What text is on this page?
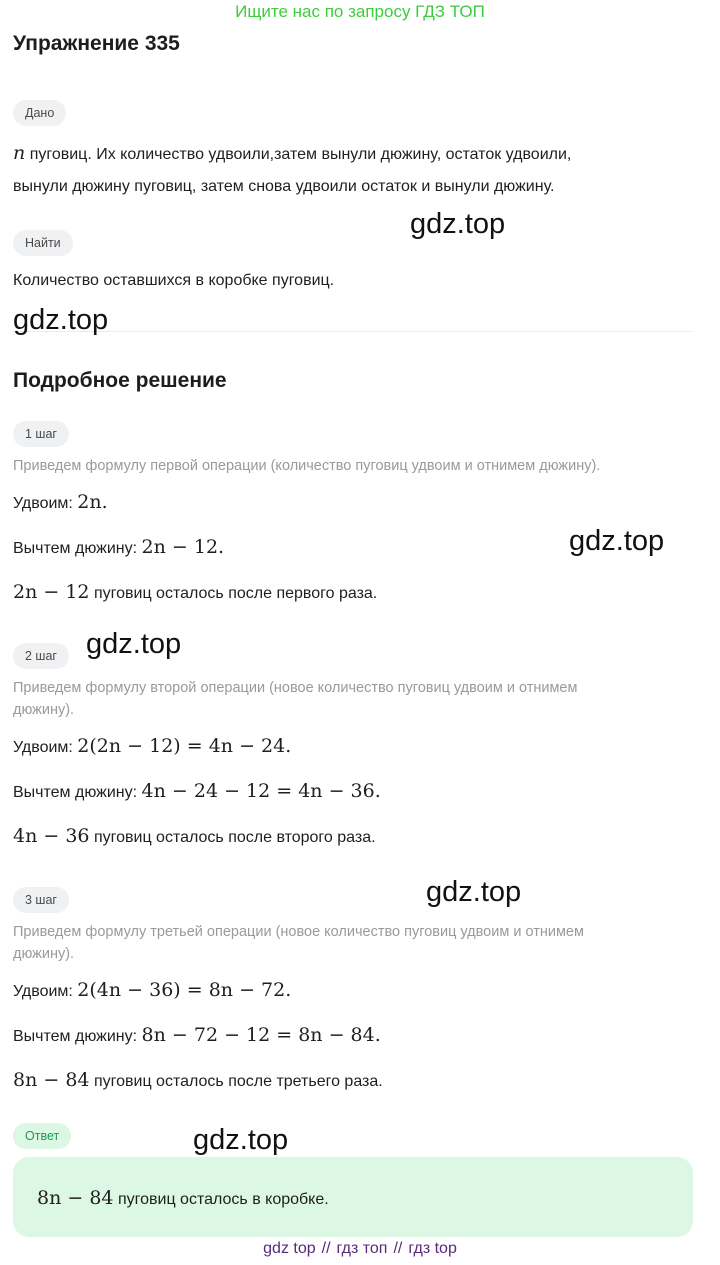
Ищите нас по запросу ГДЗ ТОП
Упражнение 335
Дано
n пуговиц. Их количество удвоили,затем вынули дюжину, остаток удвоили,
вынули дюжину пуговиц, затем снова удвоили остаток и вынули дюжину.
Найти
Количество оставшихся в коробке пуговиц.
Подробное решение
1 шаг
Приведем формулу первой операции (количество пуговиц удвоим и отнимем дюжину).
Удвоим: 2n.
Вычтем дюжину: 2n − 12.
2n − 12 пуговиц осталось после первого раза.
2 шаг
Приведем формулу второй операции (новое количество пуговиц удвоим и отнимем
дюжину).
Удвоим: 2(2n − 12) = 4n − 24.
Вычтем дюжину: 4n − 24 − 12 = 4n − 36.
4n − 36 пуговиц осталось после второго раза.
3 шаг
Приведем формулу третьей операции (новое количество пуговиц удвоим и отнимем
дюжину).
Удвоим: 2(4n − 36) = 8n − 72.
Вычтем дюжину: 8n − 72 − 12 = 8n − 84.
8n − 84 пуговиц осталось после третьего раза.
Ответ
8n − 84 пуговиц осталось в коробке.
gdz.top
gdz.top
gdz.top
gdz.top
gdz.top
gdz.top
gdz top // гдз топ // гдз top
